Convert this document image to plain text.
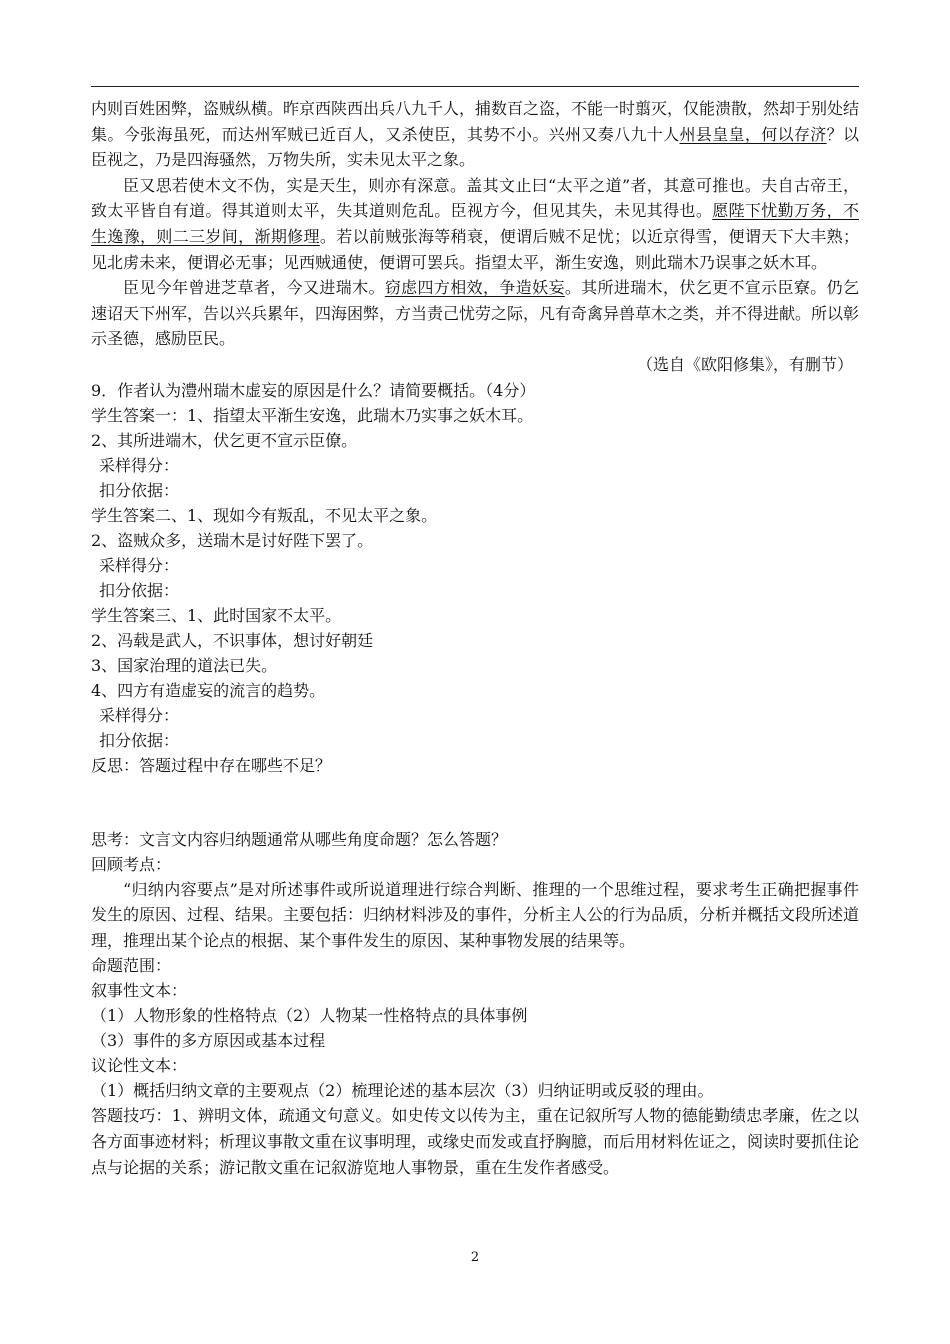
内则百姓困弊，盗贼纵横。昨京西陕西出兵八九千人，捕数百之盗，不能一时翦灭，仅能溃散，然却于别处结集。今张海虽死，而达州军贼已近百人，又杀使臣，其势不小。兴州又奏八九十人州县皇皇，何以存济？以臣视之，乃是四海骚然，万物失所，实未见太平之象。

臣又思若使木文不伪，实是天生，则亦有深意。盖其文止曰“太平之道”者，其意可推也。夫自古帝王，致太平皆自有道。得其道则太平，失其道则危乱。臣视方今，但见其失，未见其得也。愿陛下忧勤万务，不生逸豫，则二三岁间，渐期修理。若以前贼张海等稍衰，便谓后贼不足忧；以近京得雪，便谓天下大丰熟；见北虏未来，便谓必无事；见西贼通使，便谓可罢兵。指望太平，渐生安逸，则此瑞木乃误事之妖木耳。

臣见今年曾进芝草者，今又进瑞木。窃虑四方相效，争造妖妄。其所进瑞木，伏乞更不宣示臣寮。仍乞速诏天下州军，告以兴兵累年，四海困弊，方当责己忧劳之际，凡有奇禽异兽草木之类，并不得进献。所以彰示圣德，感励臣民。

（选自《欧阳修集》，有删节）

9．作者认为澧州瑞木虚妄的原因是什么？请简要概括。（4分）

学生答案一：1、指望太平渐生安逸，此瑞木乃实事之妖木耳。

2、其所进端木，伏乞更不宣示臣僚。

采样得分：

扣分依据：

学生答案二、1、现如今有叛乱，不见太平之象。

2、盗贼众多，送瑞木是讨好陛下罢了。

采样得分：

扣分依据：

学生答案三、1、此时国家不太平。

2、冯载是武人，不识事体，想讨好朝廷

3、国家治理的道法已失。

4、四方有造虚妄的流言的趋势。

采样得分：

扣分依据：

反思：答题过程中存在哪些不足？

思考：文言文内容归纳题通常从哪些角度命题？怎么答题？

回顾考点：

“归纳内容要点”是对所述事件或所说道理进行综合判断、推理的一个思维过程，要求考生正确把握事件发生的原因、过程、结果。主要包括：归纳材料涉及的事件，分析主人公的行为品质，分析并概括文段所述道理，推理出某个论点的根据、某个事件发生的原因、某种事物发展的结果等。

命题范围：

叙事性文本：

（1）人物形象的性格特点（2）人物某一性格特点的具体事例

（3）事件的多方原因或基本过程

议论性文本：

（1）概括归纳文章的主要观点（2）梳理论述的基本层次（3）归纳证明或反驳的理由。

答题技巧：1、辨明文体，疏通文句意义。如史传文以传为主，重在记叙所写人物的德能勤绩忠孝廉，佐之以各方面事迹材料；析理议事散文重在议事明理，或缘史而发或直抒胸臆，而后用材料佐证之，阅读时要抓住论点与论据的关系；游记散文重在记叙游览地人事物景，重在生发作者感受。

2
